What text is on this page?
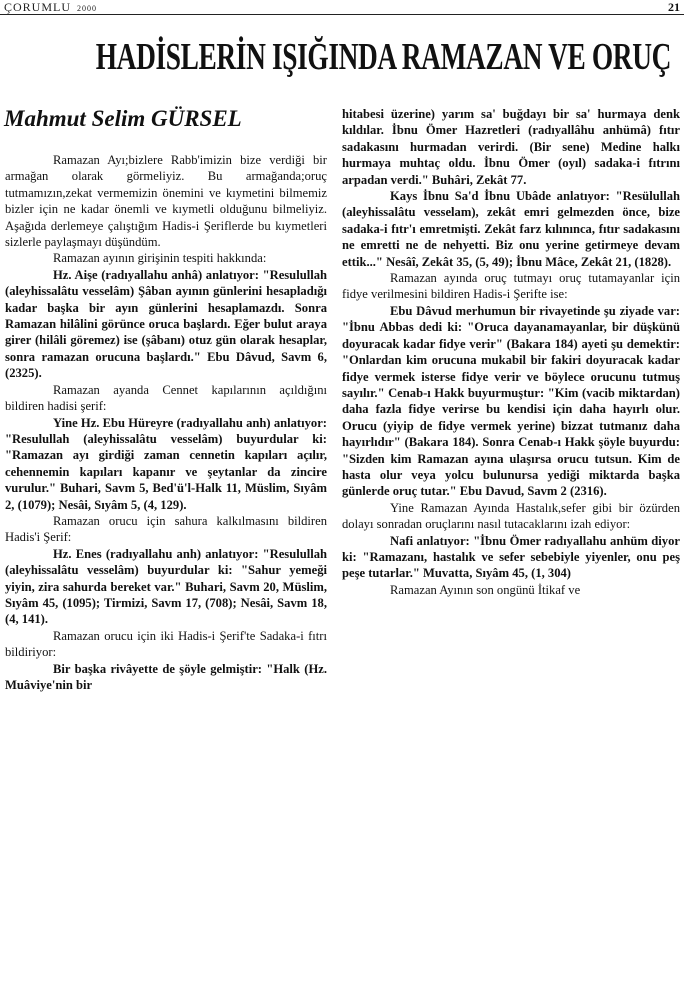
ÇORUMLU 2000	21
HADİSLERİN IŞIĞINDA RAMAZAN VE ORUÇ
Mahmut Selim GÜRSEL

Ramazan Ayı;bizlere Rabb'imizin bize verdiği bir armağan olarak görmeliyiz. Bu armağanda;oruç tutmamızın,zekat vermemizin önemini ve kıymetini bilmemiz bizler için ne kadar önemli ve kıymetli olduğunu bilmeliyiz. Aşağıda derlemeye çalıştığım Hadis-i Şeriflerde bu kıymetleri sizlerle paylaşmayı düşündüm.

Ramazan ayının girişinin tespiti hakkında:

Hz. Aişe (radıyallahu anhâ) anlatıyor: "Resulullah (aleyhissalâtu vesselâm) Şâban ayının günlerini hesapladığı kadar başka bir ayın günlerini hesaplamazdı. Sonra Ramazan hilâlini görünce oruca başlardı. Eğer bulut araya girer (hilâli göremez) ise (şâbanı) otuz gün olarak hesaplar, sonra ramazan orucuna başlardı." Ebu Dâvud, Savm 6, (2325).

Ramazan ayanda Cennet kapılarının açıldığını bildiren hadisi şerif:

Yine Hz. Ebu Hüreyre (radıyallahu anh) anlatıyor: "Resulullah (aleyhissalâtu vesselâm) buyurdular ki: "Ramazan ayı girdiği zaman cennetin kapıları açılır, cehennemin kapıları kapanır ve şeytanlar da zincire vurulur." Buhari, Savm 5, Bed'ü'l-Halk 11, Müslim, Sıyâm 2, (1079); Nesâi, Sıyâm 5, (4, 129).

Ramazan orucu için sahura kalkılmasını bildiren Hadis'i Şerif:

Hz. Enes (radıyallahu anh) anlatıyor: "Resulullah (aleyhissalâtu vesselâm) buyurdular ki: "Sahur yemeği yiyin, zira sahurda bereket var." Buhari, Savm 20, Müslim, Sıyâm 45, (1095); Tirmizi, Savm 17, (708); Nesâi, Savm 18, (4, 141).

Ramazan orucu için iki Hadis-i Şerif'te Sadaka-i fıtrı bildiriyor:

Bir başka rivâyette de şöyle gelmiştir: "Halk (Hz. Muâviye'nin bir

hitabesi üzerine) yarım sa' buğdayı bir sa' hurmaya denk kıldılar. İbnu Ömer Hazretleri (radıyallâhu anhümâ) fıtır sadakasını hurmadan verirdi. (Bir sene) Medine halkı hurmaya muhtaç oldu. İbnu Ömer (oyıl) sadaka-i fıtrını arpadan verdi." Buhâri, Zekât 77.

Kays İbnu Sa'd İbnu Ubâde anlatıyor: "Resülullah (aleyhissalâtu vesselam), zekât emri gelmezden önce, bize sadaka-i fıtr'ı emretmişti. Zekât farz kılınınca, fıtır sadakasını ne emretti ne de nehyetti. Biz onu yerine getirmeye devam ettik..." Nesâî, Zekât 35, (5, 49); İbnu Mâce, Zekât 21, (1828).

Ramazan ayında oruç tutmayı oruç tutamayanlar için fidye verilmesini bildiren Hadis-i Şerifte ise:

Ebu Dâvud merhumun bir rivayetinde şu ziyade var: "İbnu Abbas dedi ki: "Oruca dayanamayanlar, bir düşkünü doyuracak kadar fidye verir" (Bakara 184) ayeti şu demektir: "Onlardan kim orucuna mukabil bir fakiri doyuracak kadar fidye vermek isterse fidye verir ve böylece orucunu tutmuş sayılır." Cenab-ı Hakk buyurmuştur: "Kim (vacib miktardan) daha fazla fidye verirse bu kendisi için daha hayırlı olur. Orucu (yiyip de fidye vermek yerine) bizzat tutmanız daha hayırlıdır" (Bakara 184). Sonra Cenab-ı Hakk şöyle buyurdu: "Sizden kim Ramazan ayına ulaşırsa orucu tutsun. Kim de hasta olur veya yolcu bulunursa yediği miktarda başka günlerde oruç tutar." Ebu Davud, Savm 2 (2316).

Yine Ramazan Ayında Hastalık,sefer gibi bir özürden dolayı sonradan oruçlarını nasıl tutacaklarını izah ediyor:

Nafi anlatıyor: "İbnu Ömer radıyallahu anhüm diyor ki: "Ramazanı, hastalık ve sefer sebebiyle yiyenler, onu peş peşe tutarlar." Muvatta, Sıyâm 45, (1, 304)

Ramazan Ayının son ongünü İtikaf ve
